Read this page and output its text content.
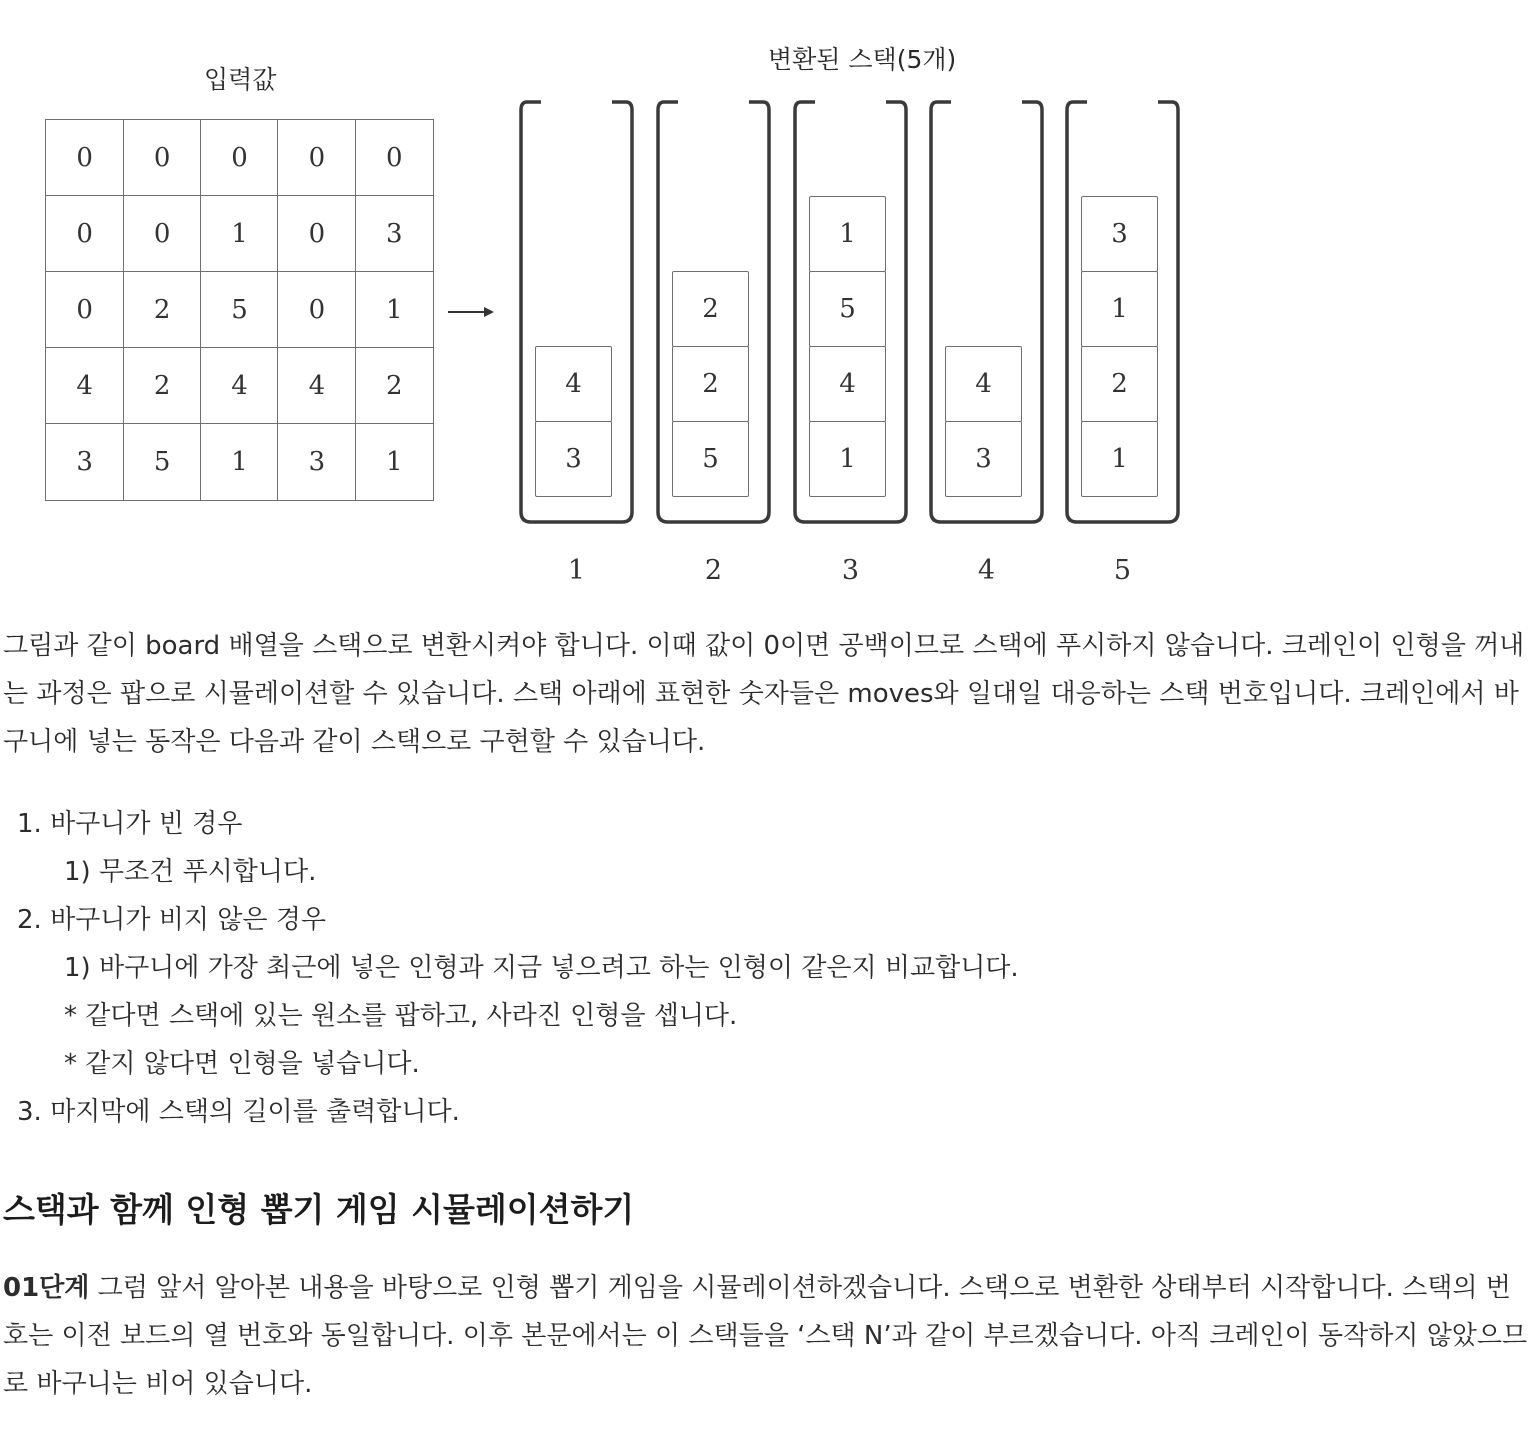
입력값
변환된 스택(5개)
0	0	0	0	0
0	0	1	0	3
0	2	5	0	1
4	2	4	4	2
3	5	1	3	1
4
3
1
2
2
5
2
1
5
4
1
3
4
3
4
3
1
2
1
5

그림과 같이 board 배열을 스택으로 변환시켜야 합니다. 이때 값이 0이면 공백이므로 스택에 푸시하지 않습니다. 크레인이 인형을 꺼내는 과정은 팝으로 시뮬레이션할 수 있습니다. 스택 아래에 표현한 숫자들은 moves와 일대일 대응하는 스택 번호입니다. 크레인에서 바구니에 넣는 동작은 다음과 같이 스택으로 구현할 수 있습니다.

1. 바구니가 빈 경우
1) 무조건 푸시합니다.
2. 바구니가 비지 않은 경우
1) 바구니에 가장 최근에 넣은 인형과 지금 넣으려고 하는 인형이 같은지 비교합니다.
* 같다면 스택에 있는 원소를 팝하고, 사라진 인형을 셉니다.
* 같지 않다면 인형을 넣습니다.
3. 마지막에 스택의 길이를 출력합니다.
스택과 함께 인형 뽑기 게임 시뮬레이션하기

01단계 그럼 앞서 알아본 내용을 바탕으로 인형 뽑기 게임을 시뮬레이션하겠습니다. 스택으로 변환한 상태부터 시작합니다. 스택의 번호는 이전 보드의 열 번호와 동일합니다. 이후 본문에서는 이 스택들을 ‘스택 N’과 같이 부르겠습니다. 아직 크레인이 동작하지 않았으므로 바구니는 비어 있습니다.
